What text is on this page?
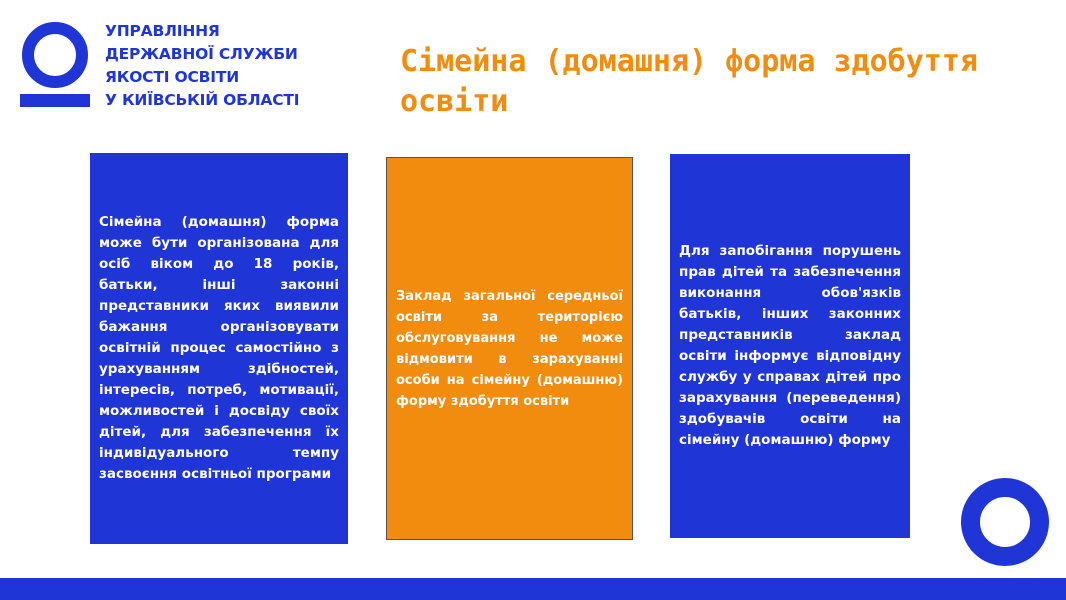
УПРАВЛІННЯ
ДЕРЖАВНОЇ СЛУЖБИ
ЯКОСТІ ОСВІТИ
У КИЇВСЬКІЙ ОБЛАСТІ
Сімейна (домашня) форма здобуття освіти

Сімейна (домашня) форма може бути організована для осіб віком до 18 років, батьки, інші законні представники яких виявили бажання організовувати освітній процес самостійно з урахуванням здібностей, інтересів, потреб, мотивації, можливостей і досвіду своїх дітей, для забезпечення їх індивідуального темпу засвоєння освітньої програми

Заклад загальної середньої освіти за територією обслуговування не може відмовити в зарахуванні особи на сімейну (домашню) форму здобуття освіти

Для запобігання порушень прав дітей та забезпечення виконання обов'язків батьків, інших законних представників заклад освіти інформує відповідну службу у справах дітей про зарахування (переведення) здобувачів освіти на сімейну (домашню) форму
